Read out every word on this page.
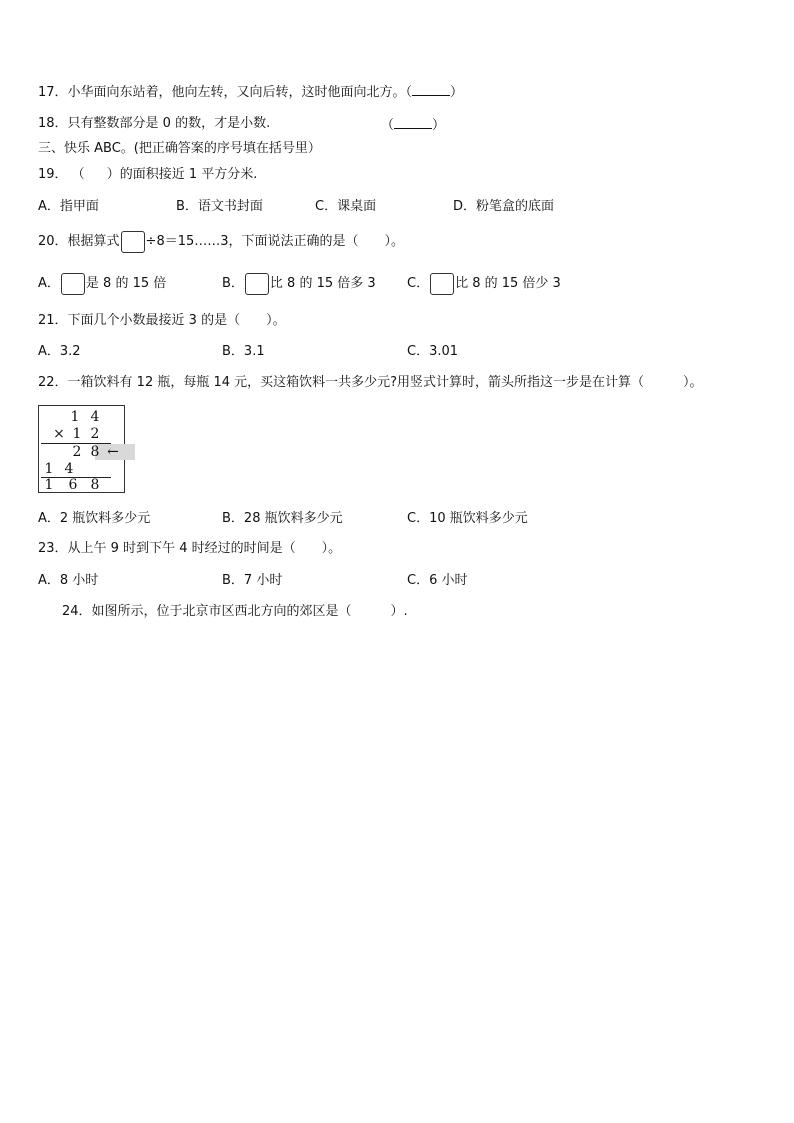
17．小华面向东站着，他向左转，又向后转，这时他面向北方。（	）
18．只有整数部分是 0 的数，才是小数.	（	）
三、快乐 ABC。(把正确答案的序号填在括号里）
19． （ ）的面积接近 1 平方分米.
A．指甲面	B．语文书封面	C．课桌面	D．粉笔盒的底面
20．根据算式 ÷8＝15……3，下面说法正确的是（　　）。
A． 是 8 的 15 倍	B． 比 8 的 15 倍多 3 C． 比 8 的 15 倍少 3
21．下面几个小数最接近 3 的是（　　）。
A．3.2	B．3.1	C．3.01
22．一箱饮料有 12 瓶，每瓶 14 元，买这箱饮料一共多少元?用竖式计算时，箭头所指这一步是在计算（　　　）。
1 4
× 1 2
2 8 ←
1 4
1 6 8
A．2 瓶饮料多少元	B．28 瓶饮料多少元	C．10 瓶饮料多少元
23．从上午 9 时到下午 4 时经过的时间是（　　）。
A．8 小时	B．7 小时	C．6 小时
24．如图所示，位于北京市区西北方向的郊区是（　　　）.
